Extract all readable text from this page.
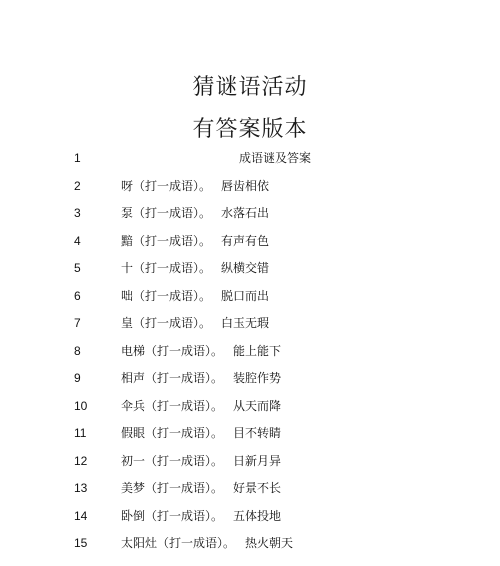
猜谜语活动
有答案版本
1	成语谜及答案
2	呀（打一成语）。 唇齿相依
3	泵（打一成语）。 水落石出
4	黯（打一成语）。 有声有色
5	十（打一成语）。 纵横交错
6	咄（打一成语）。 脱口而出
7	皇（打一成语）。 白玉无瑕
8	电梯（打一成语）。 能上能下
9	相声（打一成语）。 装腔作势
10	伞兵（打一成语）。 从天而降
11	假眼（打一成语）。 目不转睛
12	初一（打一成语）。 日新月异
13	美梦（打一成语）。 好景不长
14	卧倒（打一成语）。 五体投地
15	太阳灶（打一成语）。 热火朝天
